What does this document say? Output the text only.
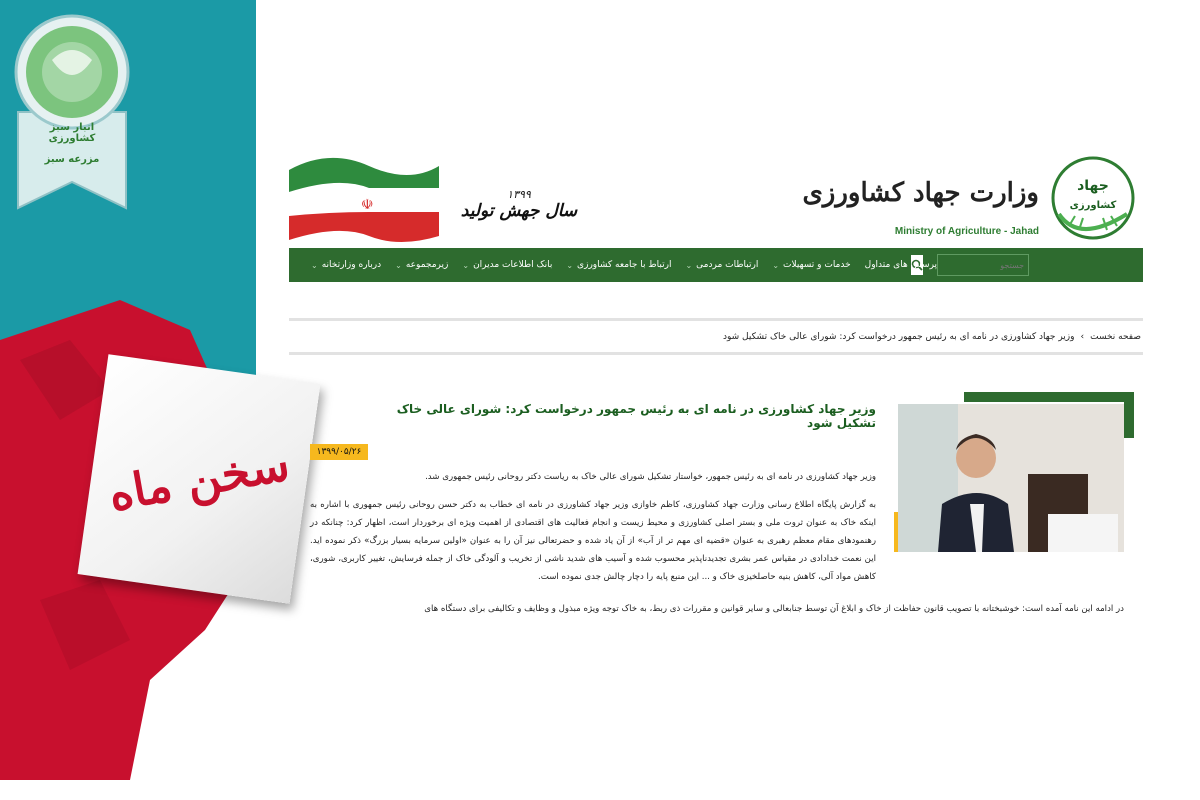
انبار سبز کشاورزی
مزرعه سبز
سخن ماه
☫
۱۳۹۹
سال جهش تولید
وزارت جهاد کشاورزی
Ministry of Agriculture - Jahad
جهاد
کشاورزی
درباره وزارتخانه
⌄	زیرمجموعه
⌄	بانک اطلاعات مدیران
⌄	ارتباط با جامعه کشاورزی
⌄	ارتباطات مردمی
⌄	خدمات و تسهیلات
⌄	پرسش های متداول
جستجو
صفحه نخست
›
وزیر جهاد کشاورزی در نامه ای به رئیس جمهور درخواست کرد: شورای عالی خاک تشکیل شود
وزیر جهاد کشاورزی در نامه ای به رئیس جمهور درخواست کرد: شورای عالی خاک تشکیل شود
۱۳۹۹/۰۵/۲۶

وزیر جهاد کشاورزی در نامه ای به رئیس جمهور، خواستار تشکیل شورای عالی خاک به ریاست دکتر روحانی رئیس جمهوری شد.

به گزارش پایگاه اطلاع رسانی وزارت جهاد کشاورزی، کاظم خاوازی وزیر جهاد کشاورزی در نامه ای خطاب به دکتر حسن روحانی رئیس جمهوری با اشاره به اینکه خاک به عنوان ثروت ملی و بستر اصلی کشاورزی و محیط زیست و انجام فعالیت های اقتصادی از اهمیت ویژه ای برخوردار است، اظهار کرد: چنانکه در رهنمودهای مقام معظم رهبری به عنوان «قضیه ای مهم تر از آب» از آن یاد شده و حضرتعالی نیز آن را به عنوان «اولین سرمایه بسیار بزرگ» ذکر نموده اید. این نعمت خدادادی در مقیاس عمر بشری تجدیدناپذیر محسوب شده و آسیب های شدید ناشی از تخریب و آلودگی خاک از جمله فرسایش، تغییر کاربری، شوری، کاهش مواد آلی، کاهش بنیه حاصلخیزی خاک و ... این منبع پایه را دچار چالش جدی نموده است.

در ادامه این نامه آمده است: خوشبختانه با تصویب قانون حفاظت از خاک و ابلاغ آن توسط جنابعالی و سایر قوانین و مقررات ذی ربط، به خاک توجه ویژه مبذول و وظایف و تکالیفی برای دستگاه های
